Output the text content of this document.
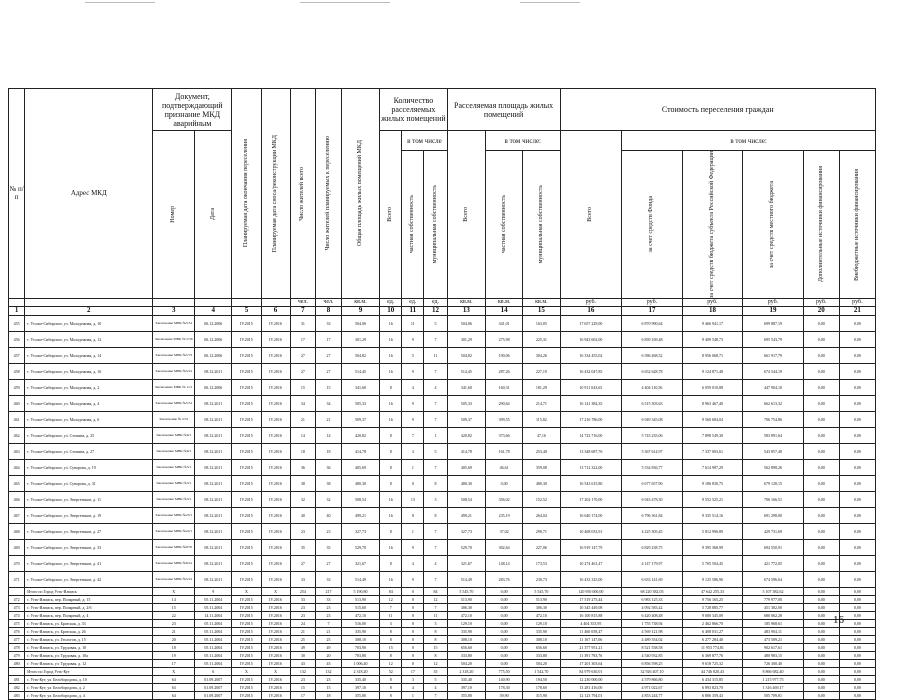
№ п/п	Адрес МКД	Документ, подтверждающий признание МКД аварийным		Планируемая дата окончания переселения	Планируемая дата сноса/реконструкции МКД	Число жителей всего	Число жителей планируемых к переселению	Общая площадь жилых помещений МКД	Количество расселяемых жилых помещений			Расселяемая площадь жилых помещений			Стоимость переселения граждан					

		Номер	Дата						Всего	в том числе		Всего	в том числе:		Всего	в том числе:				

										частная собственность	муниципальная собственность		частная собственность	муниципальная собственность		за счет средств Фонда	за счет средств бюджета субъекта Российской Федерации	за счет средств местного бюджета	Дополнительные источники финансирования	Внебюджетные источники финансирования

						чел.	чел.	кв.м.	ед.	ед.	ед.	кв.м.	кв.м.	кв.м.	руб.	руб.	руб.	руб.	руб.	руб.
1	2	3	4	5	6	7	8	9	10	11	12	13	14	15	16	17	18	19	20	21
455	г. Усолье-Сибирское, ул. Молодежная, д. 10	Заключение МВК №5/51	06.12.2006	IV.2015	IV.2016	31	33	504,06	16	11	5	504,06	341,01	163,05	17 657 229,00	6 870 990,64	9 466 941,17	699 887,19	0,00	0,00
456	г. Усолье-Сибирское, ул. Молодежная, д. 12	Заключение МВК № 5/56	06.12.2006	IV.2015	IV.2016	17	17	301,29	16	9	7	301,29	275,98	225,31	16 943 602,00	6 839 169,48	9 409 548,73	695 543,79	0,00	0,00
457	г. Усолье-Сибирское, ул. Молодежная, д. 14	Заключение МВК №5/72	06.12.2006	IV.2015	IV.2016	27	27	504,82	16	5	11	504,82	190,06	304,26	16 334 455,02	6 586 468,52	8 956 068,71	661 917,79	0,00	0,00
458	г. Усолье-Сибирское, ул. Молодежная, д. 16	Заключение МВК №5/41	08.12.2011	IV.2015	IV.2016	27	27	514,45	16	9	7	514,45	287,26	227,19	16 432 047,85	6 652 628,78	9 124 871,48	674 544,19	0,00	0,00
459	г. Усолье-Сибирское, ул. Молодежная, д. 2	Заключение МВК № 11/1	06.12.2006	IV.2015	IV.2016	15	15	341,60	8	4	4	341,60	160,31	181,29	10 911 043,65	4 404 110,56	6 059 010,88	447 904,10	0,00	0,00
460	г. Усолье-Сибирское, ул. Молодежная, д. 4	Заключение МВК №5/31	08.12.2011	IV.2015	IV.2016	34	34	505,33	16	9	7	505,33	290,64	214,71	16 141 384,35	6 515 303,63	8 963 467,40	662 613,32	0,00	0,00
461	г. Усолье-Сибирское, ул. Молодежная, д. 6	Заключение № 2/31	08.12.2011	IV.2015	IV.2016	21	21	509,37	16	9	7	509,37	399,55	115,82	17 216 786,00	6 949 345,08	9 560 684,04	706 754,86	0,00	0,00
462	г. Усолье-Сибирское, ул. Стопина, д. 25	Заключение МВК №6/1	08.12.2011	IV.2015	IV.2016	14	14	420,82	8	7	1	420,82	373,66	47,16	14 723 716,00	5 743 235,06	7 898 549,30	583 891,64	0,00	0,00
463	г. Усолье-Сибирское, ул. Стопина, д. 27	Заключение МВК №6/1	08.12.2011	IV.2015	IV.2016	18	18	414,78	8	3	5	414,78	161,78	253,40	13 348 687,76	5 367 614,97	7 337 003,61	543 857,40	0,00	0,00
464	г. Усолье-Сибирское, ул. Суворова, д. 19	Заключение МВК №5/1	08.12.2011	IV.2015	IV.2016	36	36	405,69	8	1	7	405,69	46,61	359,08	13 712 322,00	5 534 836,77	7 614 987,29	562 898,26	0,00	0,00
465	г. Усолье-Сибирское, ул. Суворова, д. 31	Заключение МВК №3/1	08.12.2011	IV.2015	IV.2016	38	38	480,30	8	0	8	480,30	0,00	480,30	16 543 615,80	6 677 657,90	9 186 830,75	679 128,15	0,00	0,00
466	г. Усолье-Сибирское, ул. Энергетиков, д. 11	Заключение МВК №3/1	08.12.2011	IV.2015	IV.2016	32	32	508,54	16	13	3	508,54	356,02	152,52	17 202 170,00	6 943 478,30	9 552 525,21	706 166,51	0,00	0,00
467	г. Усолье-Сибирское, ул. Энергетиков, д. 19	Заключение МВК №23/1	08.12.2011	IV.2015	IV.2016	40	40	499,21	16	8	8	499,21	235,19	264,04	16 640 174,00	6 796 361,84	9 335 514,16	691 298,00	0,00	0,00
468	г. Усолье-Сибирское, ул. Энергетиков, д. 27	Заключение МВК №24/1	08.12.2011	IV.2015	IV.2016	23	23	327,73	8	1	7	327,73	37,02	290,71	10 468 033,91	4 225 305,45	5 812 996,89	429 731,69	0,00	0,00
469	г. Усолье-Сибирское, ул. Энергетиков, д. 33	Заключение МВК №8/35	08.12.2011	IV.2015	IV.2016	35	35	529,70	16	9	7	529,70	302,64	227,06	16 919 147,79	6 829 238,75	9 395 368,99	694 550,91	0,00	0,00
470	г. Усолье-Сибирское, ул. Энергетиков, д. 41	Заключение МВК №8/41	08.12.2011	IV.2015	IV.2016	27	27	321,67	8	4	4	321,67	148,14	173,53	10 274 461,47	4 147 179,97	5 705 504,45	421 772,05	0,00	0,00
471	г. Усолье-Сибирское, ул. Энергетиков, д. 42	Заключение МВК №5/41	08.12.2011	IV.2015	IV.2016	33	33	514,49	16	9	7	514,49	283,76	230,73	16 433 325,00	6 633 141,69	9 125 586,96	674 596,64	0,00	0,00
	Итого по Город Усть-Илимск	X	9	X	X	254	217	5 190,80	84	0	84	5 545,70	0,00	5 545,70	120 950 000,00	68 220 382,03	47 642 255,33	5 107 382,62	0,00	0,00
472	г. Усть-Илимск, пер. Полярный, д. 15	14	05.11.2004	IV.2015	IV.2016	33	33	513,90	12	0	12	513,90	0,00	513,90	17 519 275,44	6 983 125,33	9 756 165,25	779 977,00	0,00	0,00
473	г. Усть-Илимск, пер. Полярный, д. 2/6	15	05.11.2004	IV.2015	IV.2016	23	23	515,60	7	0	7	306,30	0,00	306,30	10 345 449,08	4 092 583,42	5 728 885,77	451 382,00	0,00	0,00
474	г. Усть-Илимск, пер. Полярный, д. 4	22	14.11.2004	IV.2015	IV.2016	23	23	472,10	11	0	11	472,10	0,00	472,10	16 100 815,88	6 420 408,48	9 000 345,09	680 062,28	0,00	0,00
475	г. Усть-Илимск, ул. Братская, д. 33	23	05.11.2004	IV.2015	IV.2016	24	7	516,00	3	0	3	129,10	0,00	129,10	4 404 353,95	1 755 738,94	2 462 866,70	185 968,61	0,00	0,00
476	г. Усть-Илимск, ул. Братская, д. 26	21	05.11.2004	IV.2015	IV.2016	21	21	335,90	8	0	8	335,90	0,00	335,90	11 460 058,47	4 569 121,98	6 408 031,27	483 904,11	0,00	0,00
477	г. Усть-Илимск, ул. Геологов, д. 15	20	05.11.2004	IV.2015	IV.2016	25	25	308,10	8	0	8	308,10	0,00	308,10	11 167 147,06	4 489 354,02	6 277 284,40	473 509,21	0,00	0,00
478	г. Усть-Илимск, ул. Трудовая, д. 10	18	05.11.2004	IV.2015	IV.2016	49	49	703,90	15	0	15	656,60	0,00	656,60	21 377 951,21	8 521 558,58	11 953 774,81	902 617,61	0,00	0,00
479	г. Усть-Илимск, ул. Трудовая, д. 10а	19	05.11.2004	IV.2015	IV.2016	30	20	703,80	8	0	8	333,80	0,00	333,80	11 391 793,76	4 540 932,85	6 369 877,76	480 983,15	0,00	0,00
480	г. Усть-Илимск, ул. Трудовая, д. 12	17	05.11.2004	IV.2015	IV.2016	43	43	1 006,40	12	0	12	504,20	0,00	504,20	17 201 303,64	6 856 598,25	9 618 725,32	726 300,40	0,00	0,00
	Итого по Город Усть-Кут	X	6	X	X	132	132	2 318,20	52	17	35	2 318,20	775,50	1 542,70	84 979 630,01	32 926 407,10	44 746 820,43	8 866 682,40	0,00	0,00
481	г. Усть-Кут, ул. Белобородова, д. 10	64	01.09.2007	IV.2015	IV.2016	23	23	335,40	8	3	5	335,40	140,90	194,50	12 230 000,00	4 579 866,80	6 434 315,85	1 215 977,75	0,00	0,00
482	г. Усть-Кут, ул. Белобородова, д. 2	63	01.09.2007	IV.2015	IV.2016	15	15	397,10	8	4	4	397,10	178,30	178,60	13 281 416,00	4 971 022,67	6 893 823,70	1 316 469,17	0,00	0,00
483	г. Усть-Кут, ул. Белобородова, д. 4	64	01.09.2007	IV.2015	IV.2016	17	18	355,80	8	1	7	355,80	39,90	315,90	12 123 794,01	4 853 244,77	6 806 359,43	505 709,81	0,00	0,00
16
